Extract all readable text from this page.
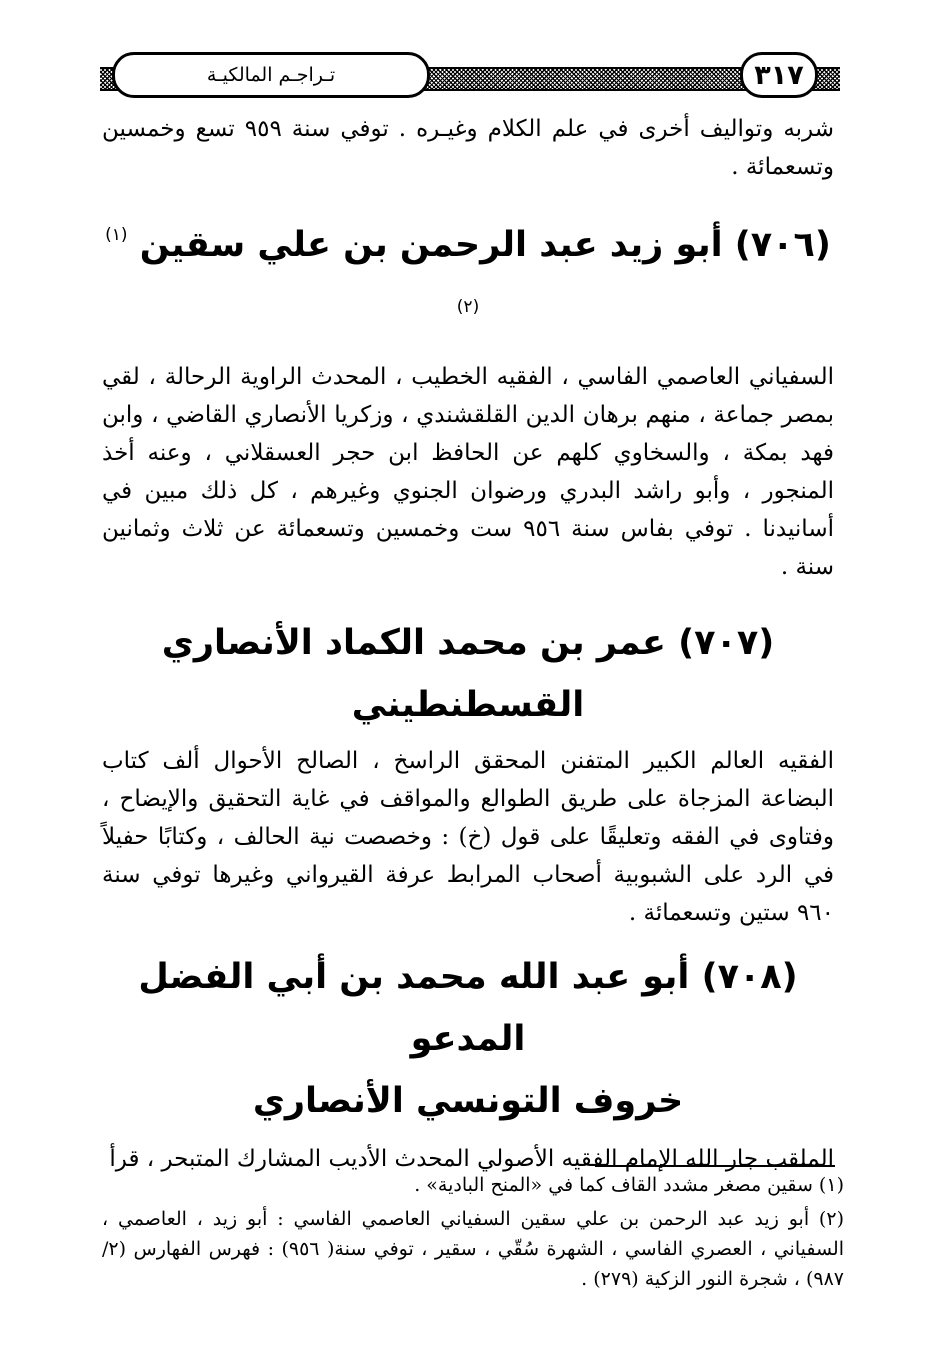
تـراجـم المالكيـة	٣١٧

شربه وتواليف أخرى في علم الكلام وغيـره . توفي سنة ٩٥٩ تسع وخمسين وتسعمائة .

(٧٠٦) أبو زيد عبد الرحمن بن علي سقين $^{(١)(٢)}$

السفياني العاصمي الفاسي ، الفقيه الخطيب ، المحدث الراوية الرحالة ، لقي بمصر جماعة ، منهم برهان الدين القلقشندي ، وزكريا الأنصاري القاضي ، وابن فهد بمكة ، والسخاوي كلهم عن الحافظ ابن حجر العسقلاني ، وعنه أخذ المنجور ، وأبو راشد البدري ورضوان الجنوي وغيرهم ، كل ذلك مبين في أسانيدنا . توفي بفاس سنة ٩٥٦ ست وخمسين وتسعمائة عن ثلاث وثمانين سنة .

(٧٠٧) عمر بن محمد الكماد الأنصاري
القسطنطيني

الفقيه العالم الكبير المتفنن المحقق الراسخ ، الصالح الأحوال ألف كتاب البضاعة المزجاة على طريق الطوالع والمواقف في غاية التحقيق والإيضاح ، وفتاوى في الفقه وتعليقًا على قول (خ) : وخصصت نية الحالف ، وكتابًا حفيلاً في الرد على الشبوبية أصحاب المرابط عرفة القيرواني وغيرها توفي سنة ٩٦٠ ستين وتسعمائة .

(٧٠٨) أبو عبد الله محمد بن أبي الفضل المدعو
خروف التونسي الأنصاري

الملقب جار الله الإمام الفقيه الأصولي المحدث الأديب المشارك المتبحر ، قرأ

(١) سقين مصغر مشدد القاف كما في «المنح البادية» .

(٢) أبو زيد عبد الرحمن بن علي سقين السفياني العاصمي الفاسي : أبو زيد ، العاصمي ، السفياني ، العصري الفاسي ، الشهرة سُقّي ، سقير ، توفي سنة( ٩٥٦) : فهرس الفهارس (٢/ ٩٨٧) ، شجرة النور الزكية (٢٧٩) .
